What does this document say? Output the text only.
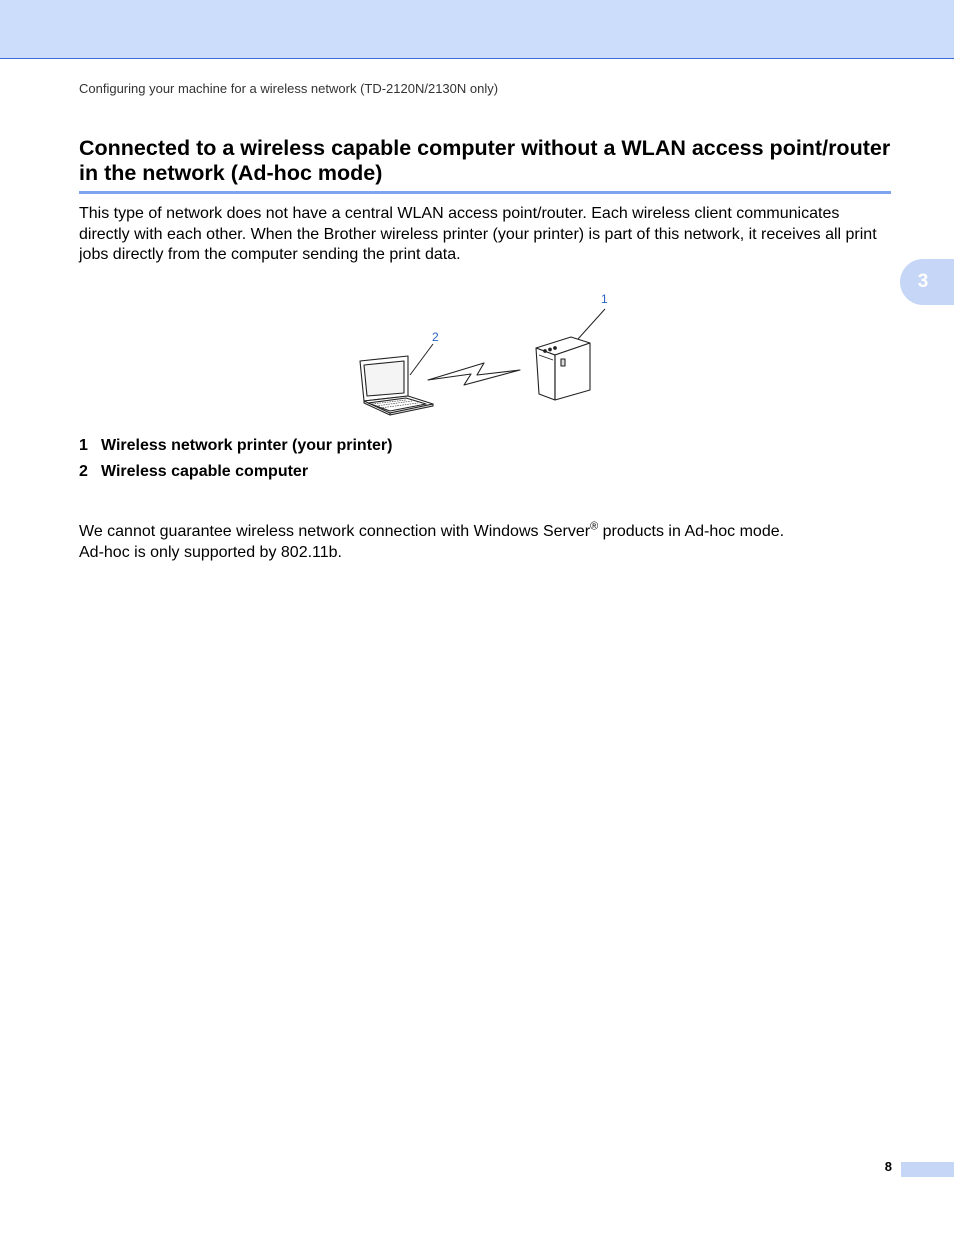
Configuring your machine for a wireless network (TD-2120N/2130N only)
Connected to a wireless capable computer without a WLAN access point/router in the network (Ad-hoc mode)

This type of network does not have a central WLAN access point/router. Each wireless client communicates directly with each other. When the Brother wireless printer (your printer) is part of this network, it receives all print jobs directly from the computer sending the print data.

3
1
2
1 Wireless network printer (your printer)
2 Wireless capable computer

We cannot guarantee wireless network connection with Windows Server® products in Ad-hoc mode.
Ad-hoc is only supported by 802.11b.

8
